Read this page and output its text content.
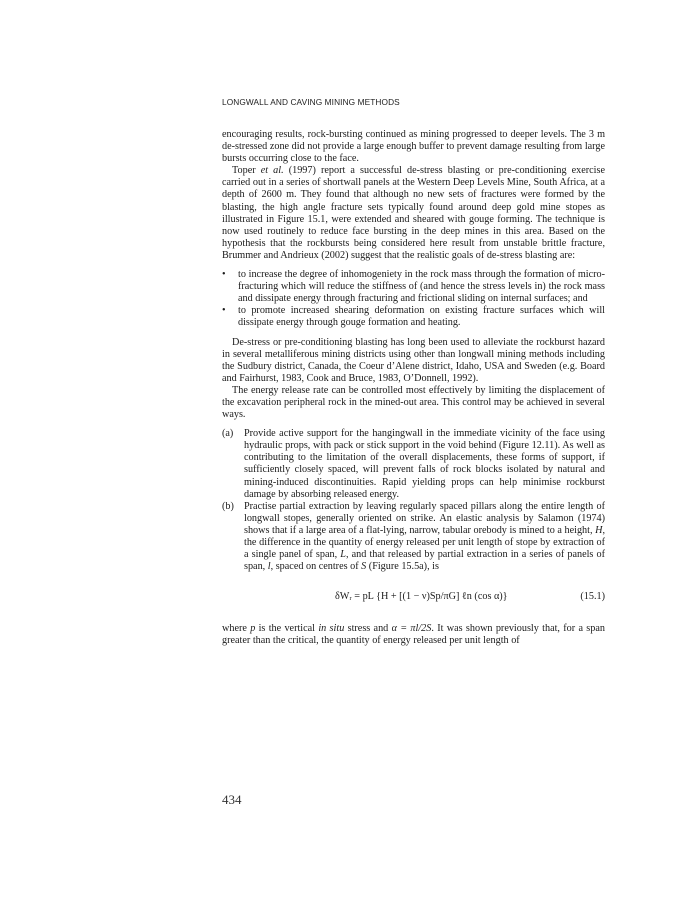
LONGWALL AND CAVING MINING METHODS

encouraging results, rock-bursting continued as mining progressed to deeper levels. The 3 m de-stressed zone did not provide a large enough buffer to prevent damage resulting from large bursts occurring close to the face.

Toper et al. (1997) report a successful de-stress blasting or pre-conditioning exercise carried out in a series of shortwall panels at the Western Deep Levels Mine, South Africa, at a depth of 2600 m. They found that although no new sets of fractures were formed by the blasting, the high angle fracture sets typically found around deep gold mine stopes as illustrated in Figure 15.1, were extended and sheared with gouge forming. The technique is now used routinely to reduce face bursting in the deep mines in this area. Based on the hypothesis that the rockbursts being considered here result from unstable brittle fracture, Brummer and Andrieux (2002) suggest that the realistic goals of de-stress blasting are:

• to increase the degree of inhomogeniety in the rock mass through the formation of micro-fracturing which will reduce the stiffness of (and hence the stress levels in) the rock mass and dissipate energy through fracturing and frictional sliding on internal surfaces; and
• to promote increased shearing deformation on existing fracture surfaces which will dissipate energy through gouge formation and heating.

De-stress or pre-conditioning blasting has long been used to alleviate the rockburst hazard in several metalliferous mining districts using other than longwall mining methods including the Sudbury district, Canada, the Coeur d’Alene district, Idaho, USA and Sweden (e.g. Board and Fairhurst, 1983, Cook and Bruce, 1983, O’Donnell, 1992).

The energy release rate can be controlled most effectively by limiting the displacement of the excavation peripheral rock in the mined-out area. This control may be achieved in several ways.

(a) Provide active support for the hangingwall in the immediate vicinity of the face using hydraulic props, with pack or stick support in the void behind (Figure 12.11). As well as contributing to the limitation of the overall displacements, these forms of support, if sufficiently closely spaced, will prevent falls of rock blocks isolated by natural and mining-induced discontinuities. Rapid yielding props can help minimise rockburst damage by absorbing released energy.
(b) Practise partial extraction by leaving regularly spaced pillars along the entire length of longwall stopes, generally oriented on strike. An elastic analysis by Salamon (1974) shows that if a large area of a flat-lying, narrow, tabular orebody is mined to a height, H, the difference in the quantity of energy released per unit length of stope by extraction of a single panel of span, L, and that released by partial extraction in a series of panels of span, l, spaced on centres of S (Figure 15.5a), is
δWᵣ = pL {H + [(1 − ν)Sp/πG] ℓn (cos α)}	(15.1)

where p is the vertical in situ stress and α = πl/2S. It was shown previously that, for a span greater than the critical, the quantity of energy released per unit length of

434
